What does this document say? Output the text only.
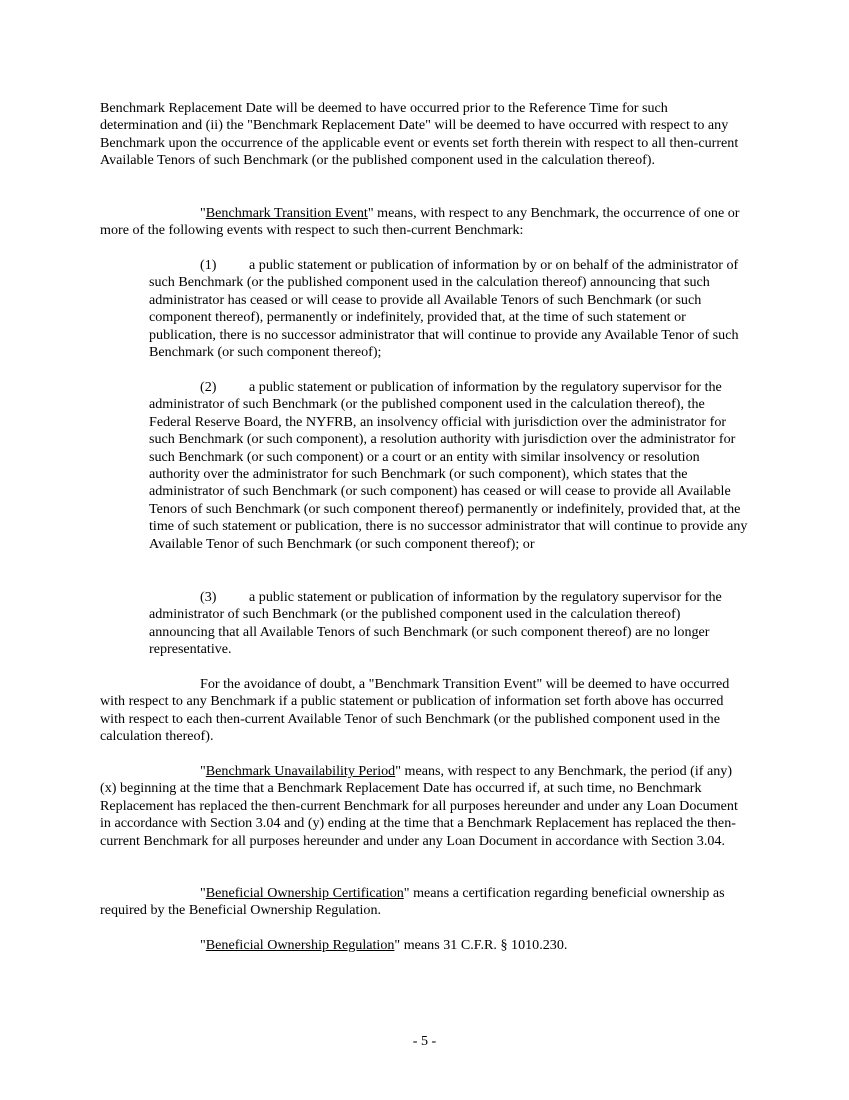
Benchmark Replacement Date will be deemed to have occurred prior to the Reference Time for such determination and (ii) the "Benchmark Replacement Date" will be deemed to have occurred with respect to any Benchmark upon the occurrence of the applicable event or events set forth therein with respect to all then-current Available Tenors of such Benchmark (or the published component used in the calculation thereof).

"Benchmark Transition Event" means, with respect to any Benchmark, the occurrence of one or more of the following events with respect to such then-current Benchmark:

(1) a public statement or publication of information by or on behalf of the administrator of such Benchmark (or the published component used in the calculation thereof) announcing that such administrator has ceased or will cease to provide all Available Tenors of such Benchmark (or such component thereof), permanently or indefinitely, provided that, at the time of such statement or publication, there is no successor administrator that will continue to provide any Available Tenor of such Benchmark (or such component thereof);

(2) a public statement or publication of information by the regulatory supervisor for the administrator of such Benchmark (or the published component used in the calculation thereof), the Federal Reserve Board, the NYFRB, an insolvency official with jurisdiction over the administrator for such Benchmark (or such component), a resolution authority with jurisdiction over the administrator for such Benchmark (or such component) or a court or an entity with similar insolvency or resolution authority over the administrator for such Benchmark (or such component), which states that the administrator of such Benchmark (or such component) has ceased or will cease to provide all Available Tenors of such Benchmark (or such component thereof) permanently or indefinitely, provided that, at the time of such statement or publication, there is no successor administrator that will continue to provide any Available Tenor of such Benchmark (or such component thereof); or

(3) a public statement or publication of information by the regulatory supervisor for the administrator of such Benchmark (or the published component used in the calculation thereof) announcing that all Available Tenors of such Benchmark (or such component thereof) are no longer representative.

For the avoidance of doubt, a "Benchmark Transition Event" will be deemed to have occurred with respect to any Benchmark if a public statement or publication of information set forth above has occurred with respect to each then-current Available Tenor of such Benchmark (or the published component used in the calculation thereof).

"Benchmark Unavailability Period" means, with respect to any Benchmark, the period (if any) (x) beginning at the time that a Benchmark Replacement Date has occurred if, at such time, no Benchmark Replacement has replaced the then-current Benchmark for all purposes hereunder and under any Loan Document in accordance with Section 3.04 and (y) ending at the time that a Benchmark Replacement has replaced the then-current Benchmark for all purposes hereunder and under any Loan Document in accordance with Section 3.04.

"Beneficial Ownership Certification" means a certification regarding beneficial ownership as required by the Beneficial Ownership Regulation.

"Beneficial Ownership Regulation" means 31 C.F.R. § 1010.230.

- 5 -
